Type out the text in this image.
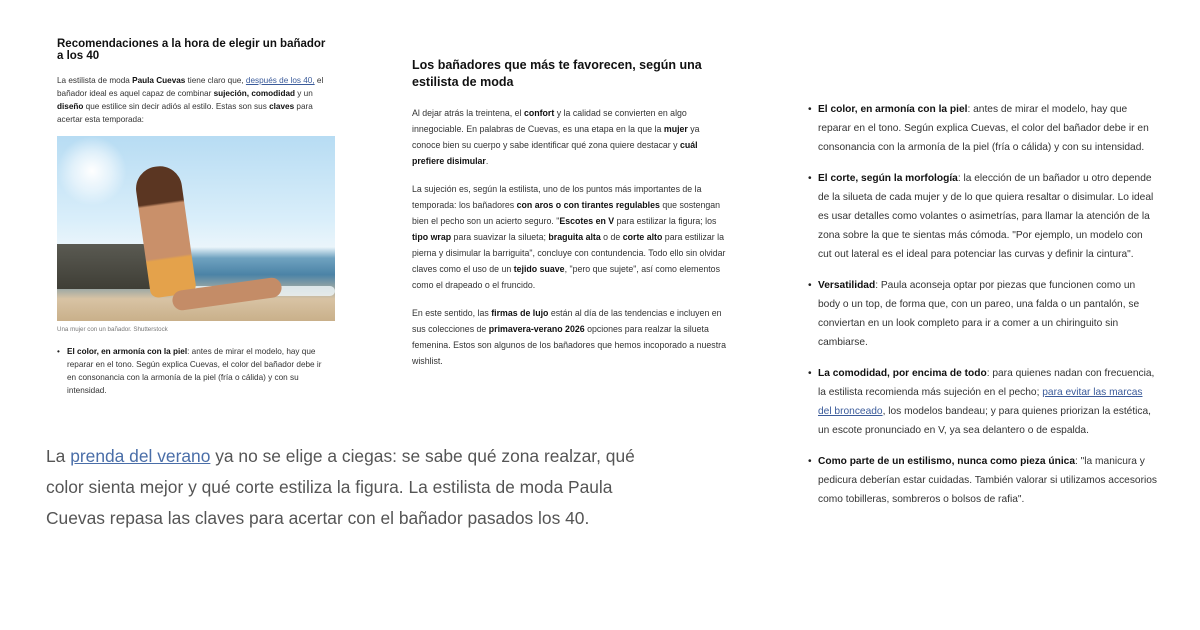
Recomendaciones a la hora de elegir un bañador a los 40

La estilista de moda Paula Cuevas tiene claro que, después de los 40, el bañador ideal es aquel capaz de combinar sujeción, comodidad y un diseño que estilice sin decir adiós al estilo. Estas son sus claves para acertar esta temporada:

Una mujer con un bañador. Shutterstock
• El color, en armonía con la piel: antes de mirar el modelo, hay que reparar en el tono. Según explica Cuevas, el color del bañador debe ir en consonancia con la armonía de la piel (fría o cálida) y con su intensidad.
Los bañadores que más te favorecen, según una estilista de moda

Al dejar atrás la treintena, el confort y la calidad se convierten en algo innegociable. En palabras de Cuevas, es una etapa en la que la mujer ya conoce bien su cuerpo y sabe identificar qué zona quiere destacar y cuál prefiere disimular.

La sujeción es, según la estilista, uno de los puntos más importantes de la temporada: los bañadores con aros o con tirantes regulables que sostengan bien el pecho son un acierto seguro. "Escotes en V para estilizar la figura; los tipo wrap para suavizar la silueta; braguita alta o de corte alto para estilizar la pierna y disimular la barriguita", concluye con contundencia. Todo ello sin olvidar claves como el uso de un tejido suave, "pero que sujete", así como elementos como el drapeado o el fruncido.

En este sentido, las firmas de lujo están al día de las tendencias e incluyen en sus colecciones de primavera-verano 2026 opciones para realzar la silueta femenina. Estos son algunos de los bañadores que hemos incoporado a nuestra wishlist.

• El color, en armonía con la piel: antes de mirar el modelo, hay que reparar en el tono. Según explica Cuevas, el color del bañador debe ir en consonancia con la armonía de la piel (fría o cálida) y con su intensidad.
• El corte, según la morfología: la elección de un bañador u otro depende de la silueta de cada mujer y de lo que quiera resaltar o disimular. Lo ideal es usar detalles como volantes o asimetrías, para llamar la atención de la zona sobre la que te sientas más cómoda. "Por ejemplo, un modelo con cut out lateral es el ideal para potenciar las curvas y definir la cintura".
• Versatilidad: Paula aconseja optar por piezas que funcionen como un body o un top, de forma que, con un pareo, una falda o un pantalón, se conviertan en un look completo para ir a comer a un chiringuito sin cambiarse.
• La comodidad, por encima de todo: para quienes nadan con frecuencia, la estilista recomienda más sujeción en el pecho; para evitar las marcas del bronceado, los modelos bandeau; y para quienes priorizan la estética, un escote pronunciado en V, ya sea delantero o de espalda.
• Como parte de un estilismo, nunca como pieza única: "la manicura y pedicura deberían estar cuidadas. También valorar si utilizamos accesorios como tobilleras, sombreros o bolsos de rafia".

La prenda del verano ya no se elige a ciegas: se sabe qué zona realzar, qué color sienta mejor y qué corte estiliza la figura. La estilista de moda Paula Cuevas repasa las claves para acertar con el bañador pasados los 40.
